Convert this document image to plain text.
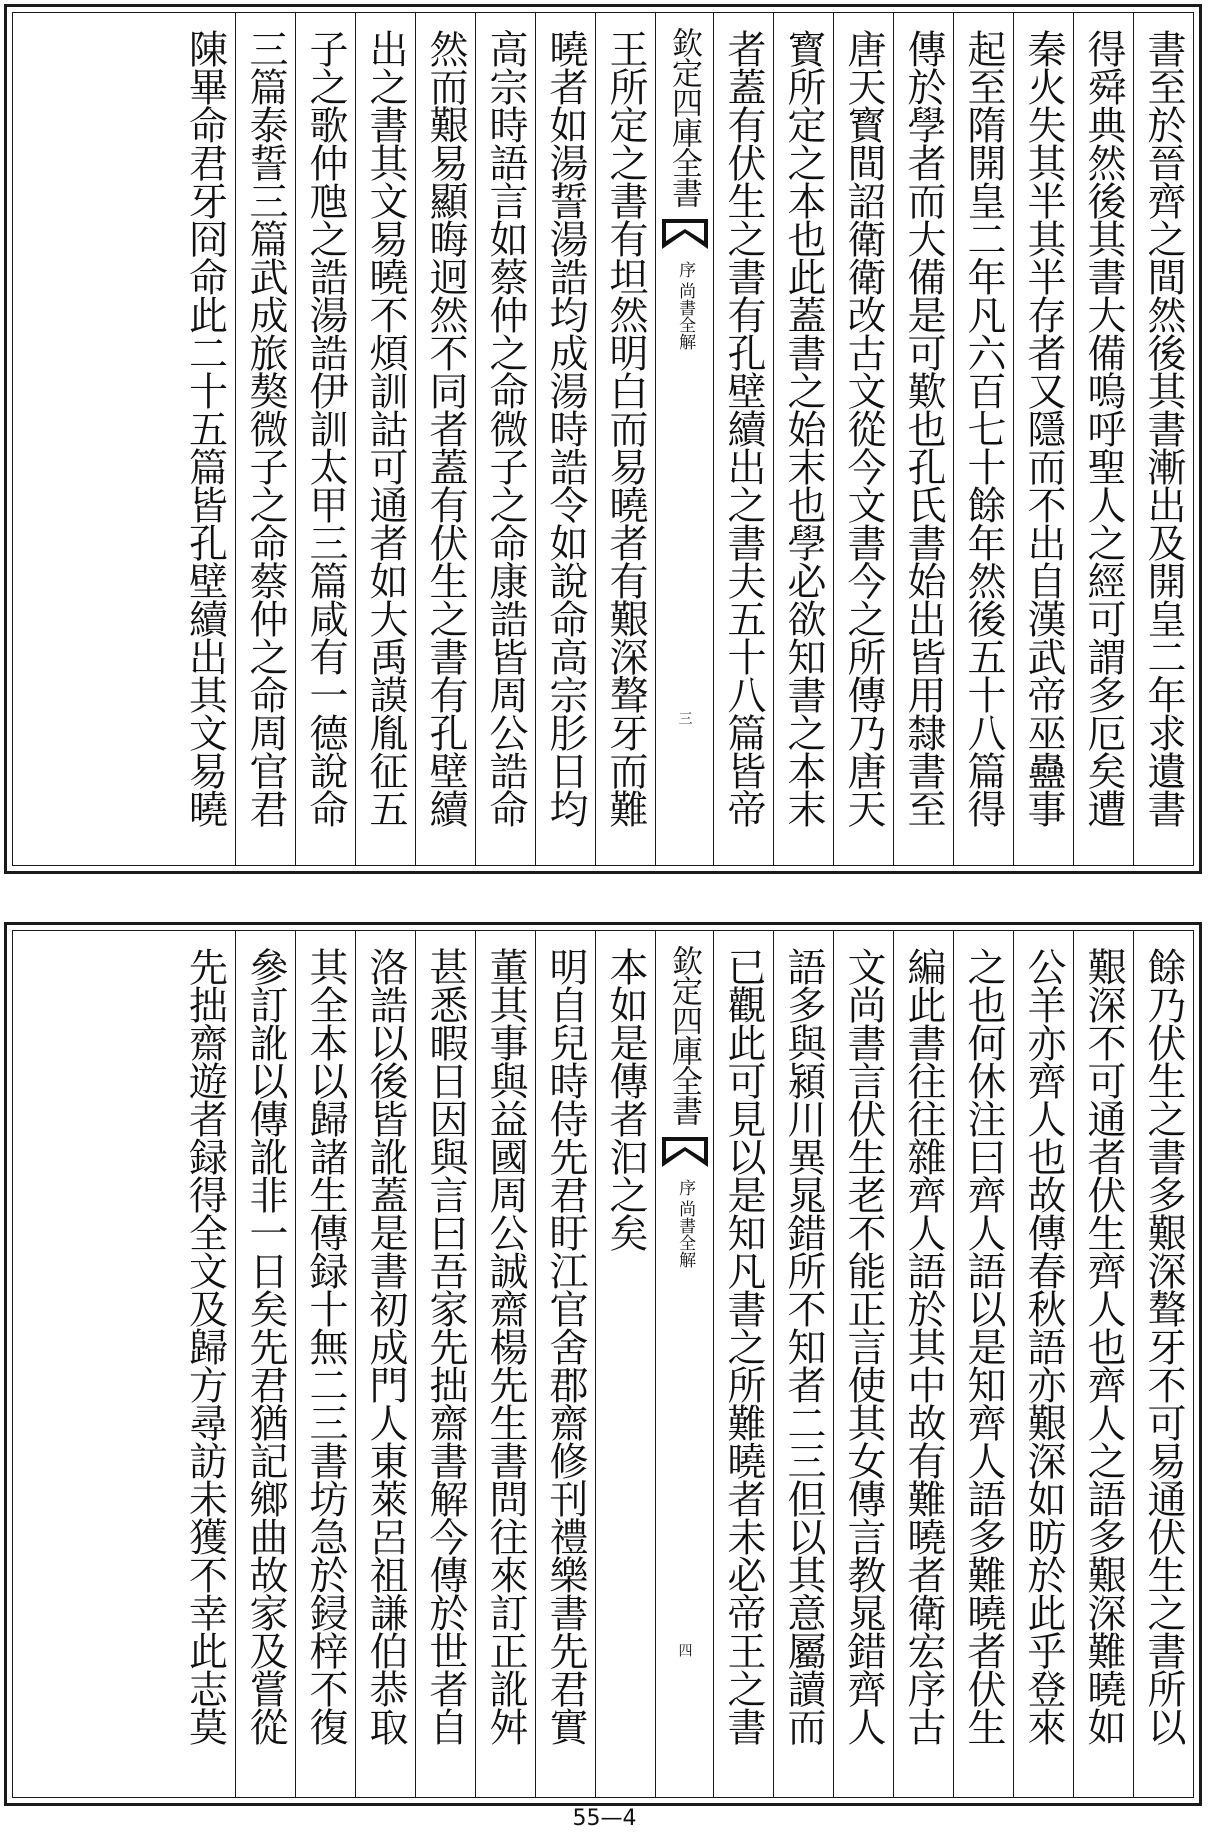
書至於晉齊之間然後其書漸出及開皇二年求遺書
得舜典然後其書大備嗚呼聖人之經可謂多厄矣遭
秦火失其半其半存者又隱而不出自漢武帝巫蠱事
起至隋開皇二年凡六百七十餘年然後五十八篇得
傳於學者而大備是可歎也孔氏書始出皆用隸書至
唐天寳間詔衛衛改古文從今文書今之所傳乃唐天
寳所定之本也此蓋書之始末也學必欲知書之本末
者蓋有伏生之書有孔壁續出之書夫五十八篇皆帝
欽定四庫全書
尚書全解
序
三
王所定之書有坦然明白而易曉者有艱深聱牙而難
曉者如湯誓湯誥均成湯時誥令如說命高宗肜日均
高宗時語言如蔡仲之命微子之命康誥皆周公誥命
然而艱易顯晦迥然不同者蓋有伏生之書有孔壁續
出之書其文易曉不煩訓詁可通者如大禹謨胤征五
子之歌仲虺之誥湯誥伊訓太甲三篇咸有一德說命
三篇泰誓三篇武成旅獒微子之命蔡仲之命周官君
陳畢命君牙冏命此二十五篇皆孔壁續出其文易曉
餘乃伏生之書多艱深聱牙不可易通伏生之書所以
艱深不可通者伏生齊人也齊人之語多艱深難曉如
公羊亦齊人也故傳春秋語亦艱深如昉於此乎登來
之也何休注曰齊人語以是知齊人語多難曉者伏生
編此書往往雜齊人語於其中故有難曉者衛宏序古
文尚書言伏生老不能正言使其女傳言教晁錯齊人
語多與潁川異晁錯所不知者二三但以其意屬讀而
已觀此可見以是知凡書之所難曉者未必帝王之書
欽定四庫全書
尚書全解
序
四
本如是傳者汩之矣
明自兒時侍先君盱江官舍郡齋修刊禮樂書先君實
董其事與益國周公誠齋楊先生書問往來訂正訛舛
甚悉暇日因與言曰吾家先拙齋書解今傳於世者自
洛誥以後皆訛蓋是書初成門人東萊呂祖謙伯恭取
其全本以歸諸生傳録十無二三書坊急於鋟梓不復
參訂訛以傳訛非一日矣先君猶記鄉曲故家及嘗從
先拙齋遊者録得全文及歸方尋訪未獲不幸此志莫
55—4
